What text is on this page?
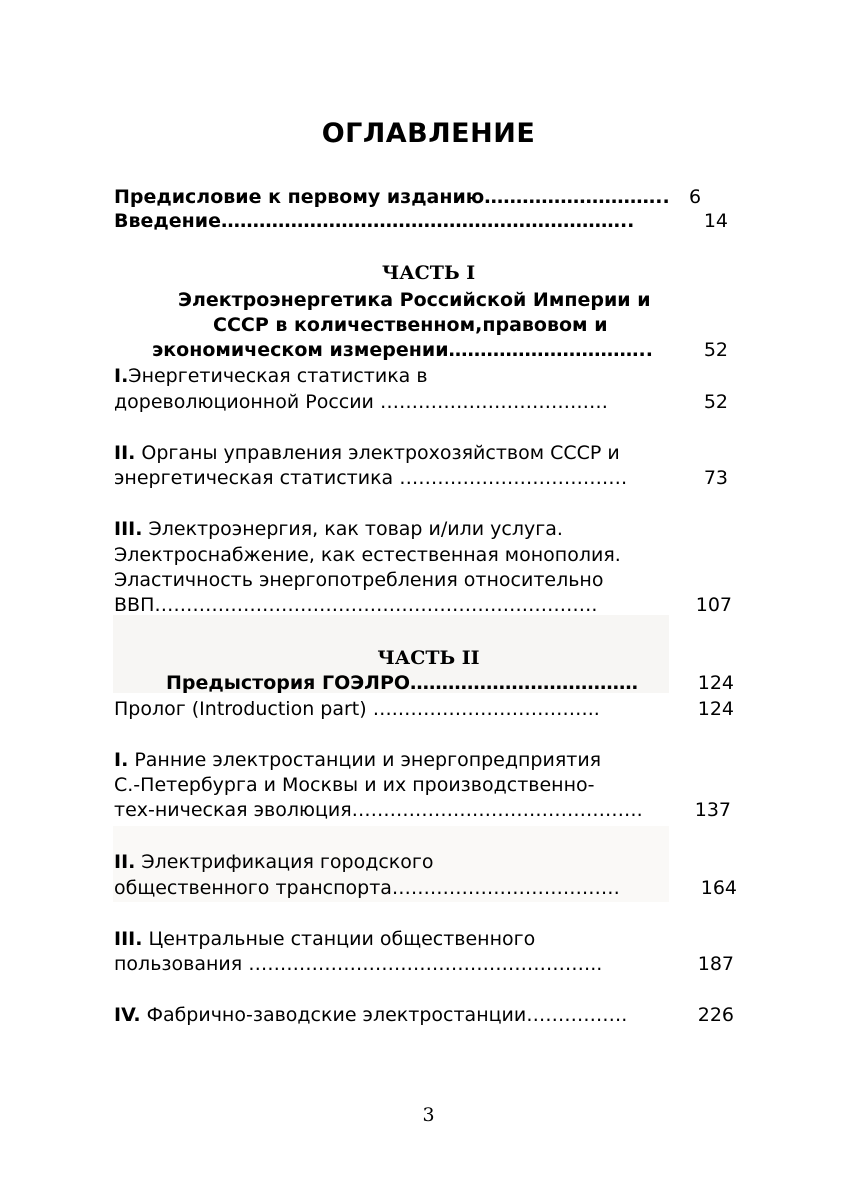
ОГЛАВЛЕНИЕ
Предисловие к первому изданию………………………..	6
Введение………………………………………………………..	14
ЧАСТЬ I
Электроэнергетика Российской Империи и
СССР в количественном,правовом и
экономическом измерении…………………………..	52
I.Энергетическая статистика в
дореволюционной России ………………………………	52
II. Органы управления электрохозяйством СССР и
энергетическая статистика ………………………………	73
III. Электроэнергия, как товар и/или услуга.
Электроснабжение, как естественная монополия.
Эластичность энергопотребления относительно
ВВП…………………………………………………………….	107
ЧАСТЬ II
Предыстория ГОЭЛРО………………………………	124
Пролог (Introduction part) ….…………………………..	124
I. Ранние электростанции и энергопредприятия
С.-Петербурга и Москвы и их производственно-
тех-ническая эволюция……………………………………….	137
II. Электрификация городского
общественного транспорта………………………………	164
III. Центральные станции общественного
пользования ………………………………………………..	187
IV. Фабрично-заводские электростанции…………….	226
3
